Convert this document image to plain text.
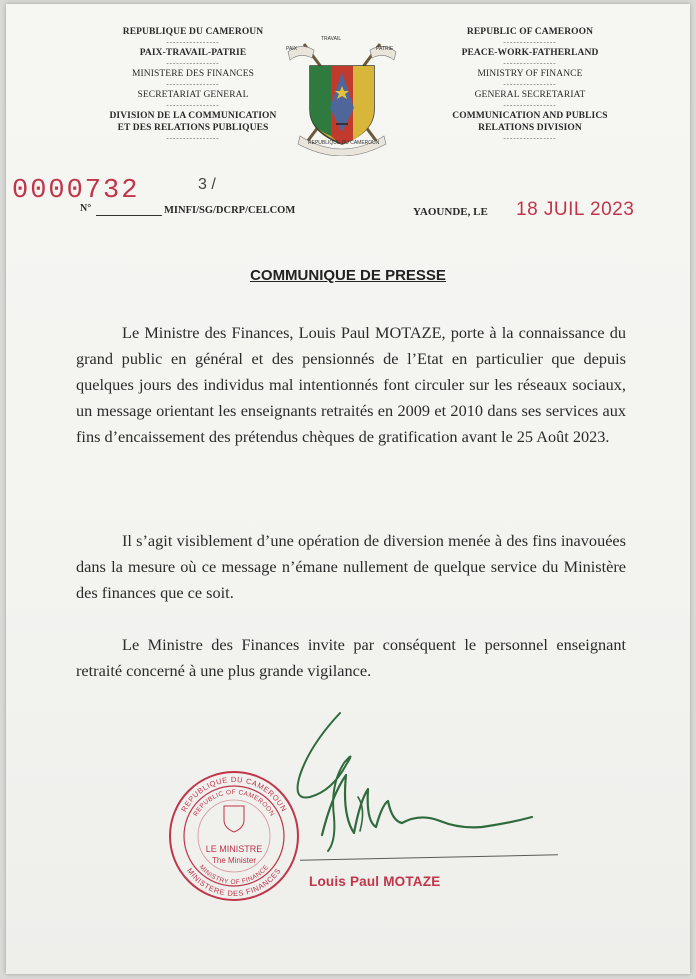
REPUBLIQUE DU CAMEROUN
----------------
PAIX-TRAVAIL-PATRIE
----------------
MINISTERE DES FINANCES
----------------
SECRETARIAT GENERAL
----------------
DIVISION DE LA COMMUNICATION
ET DES RELATIONS PUBLIQUES
----------------
REPUBLIC OF CAMEROON
----------------
PEACE-WORK-FATHERLAND
----------------
MINISTRY OF FINANCE
----------------
GENERAL SECRETARIAT
----------------
COMMUNICATION AND PUBLICS
RELATIONS DIVISION
----------------
TRAVAIL
PAIX	PATRIE
REPUBLIQUE DU CAMEROUN
0000732	3 /
N°	MINFI/SG/DCRP/CELCOM	YAOUNDE, LE 18 JUIL 2023
COMMUNIQUE DE PRESSE

Le Ministre des Finances, Louis Paul MOTAZE, porte à la connaissance du grand public en général et des pensionnés de l’Etat en particulier que depuis quelques jours des individus mal intentionnés font circuler sur les réseaux sociaux, un message orientant les enseignants retraités en 2009 et 2010 dans ses services aux fins d’encaissement des prétendus chèques de gratification avant le 25 Août 2023.

Il s’agit visiblement d’une opération de diversion menée à des fins inavouées dans la mesure où ce message n’émane nullement de quelque service du Ministère des finances que ce soit.

Le Ministre des Finances invite par conséquent le personnel enseignant retraité concerné à une plus grande vigilance.

REPUBLIQUE DU CAMEROUN
REPUBLIC OF CAMEROON
MINISTRY OF FINANCE
MINISTERE DES FINANCES
LE MINISTRE
The Minister
Louis Paul MOTAZE
